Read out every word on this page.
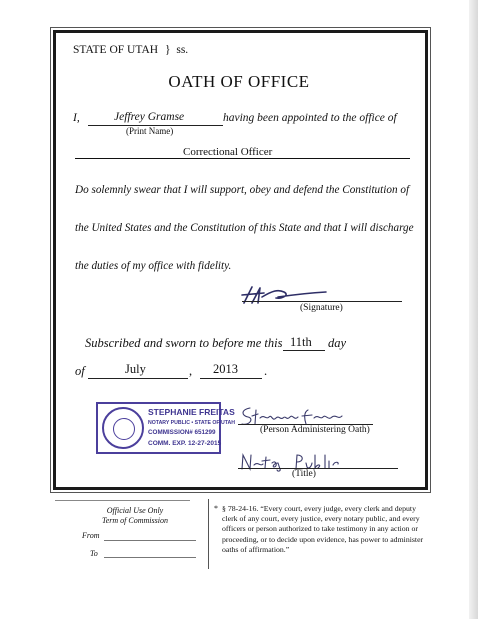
STATE OF UTAH } ss.
OATH OF OFFICE
I,	Jeffrey Gramse
(Print Name)
having been appointed to the office of
Correctional Officer
Do solemnly swear that I will support, obey and defend the Constitution of
the United States and the Constitution of this State and that I will discharge
the duties of my office with fidelity.
(Signature)
Subscribed and sworn to before me this 11th day
of	July	, 2013 .
STEPHANIE FREITAS
NOTARY PUBLIC • STATE OF UTAH
COMMISSION# 651299
COMM. EXP. 12-27-2015
(Person Administering Oath)
(Title)
Official Use Only
Term of Commission
From
To
* § 78-24-16. “Every court, every judge, every clerk and deputy clerk of any court, every justice, every notary public, and every officers or person authorized to take testimony in any action or proceeding, or to decide upon evidence, has power to administer oaths of affirmation.”
